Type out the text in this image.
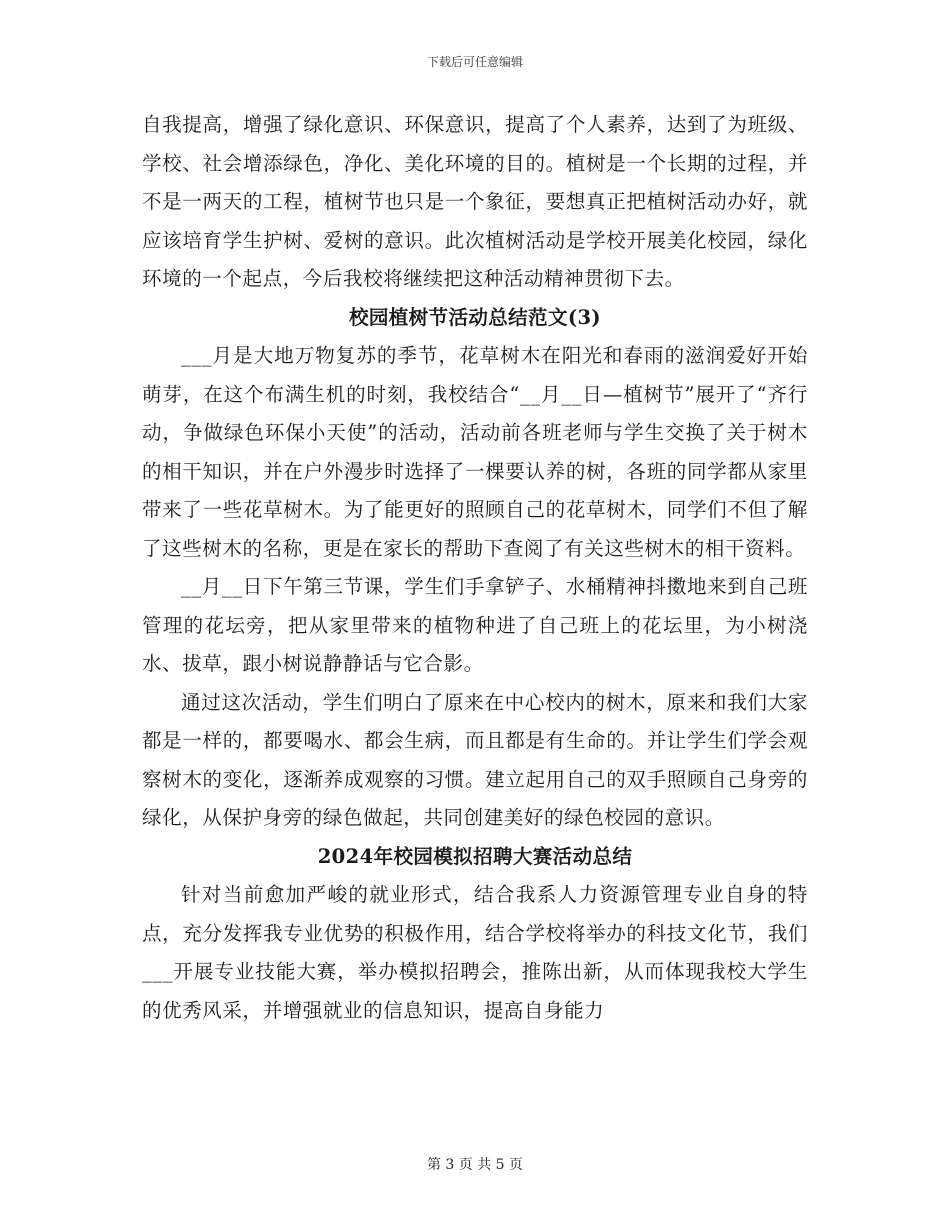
下载后可任意编辑

自我提高，增强了绿化意识、环保意识，提高了个人素养，达到了为班级、学校、社会增添绿色，净化、美化环境的目的。植树是一个长期的过程，并不是一两天的工程，植树节也只是一个象征，要想真正把植树活动办好，就应该培育学生护树、爱树的意识。此次植树活动是学校开展美化校园，绿化环境的一个起点，今后我校将继续把这种活动精神贯彻下去。

校园植树节活动总结范文(3)

___月是大地万物复苏的季节，花草树木在阳光和春雨的滋润爱好开始萌芽，在这个布满生机的时刻，我校结合“__月__日—植树节”展开了“齐行动，争做绿色环保小天使”的活动，活动前各班老师与学生交换了关于树木的相干知识，并在户外漫步时选择了一棵要认养的树，各班的同学都从家里带来了一些花草树木。为了能更好的照顾自己的花草树木，同学们不但了解了这些树木的名称，更是在家长的帮助下查阅了有关这些树木的相干资料。

__月__日下午第三节课，学生们手拿铲子、水桶精神抖擞地来到自己班管理的花坛旁，把从家里带来的植物种进了自己班上的花坛里，为小树浇水、拔草，跟小树说静静话与它合影。

通过这次活动，学生们明白了原来在中心校内的树木，原来和我们大家都是一样的，都要喝水、都会生病，而且都是有生命的。并让学生们学会观察树木的变化，逐渐养成观察的习惯。建立起用自己的双手照顾自己身旁的绿化，从保护身旁的绿色做起，共同创建美好的绿色校园的意识。

2024年校园模拟招聘大赛活动总结

针对当前愈加严峻的就业形式，结合我系人力资源管理专业自身的特点，充分发挥我专业优势的积极作用，结合学校将举办的科技文化节，我们___开展专业技能大赛，举办模拟招聘会，推陈出新，从而体现我校大学生的优秀风采，并增强就业的信息知识，提高自身能力

第 3 页 共 5 页
